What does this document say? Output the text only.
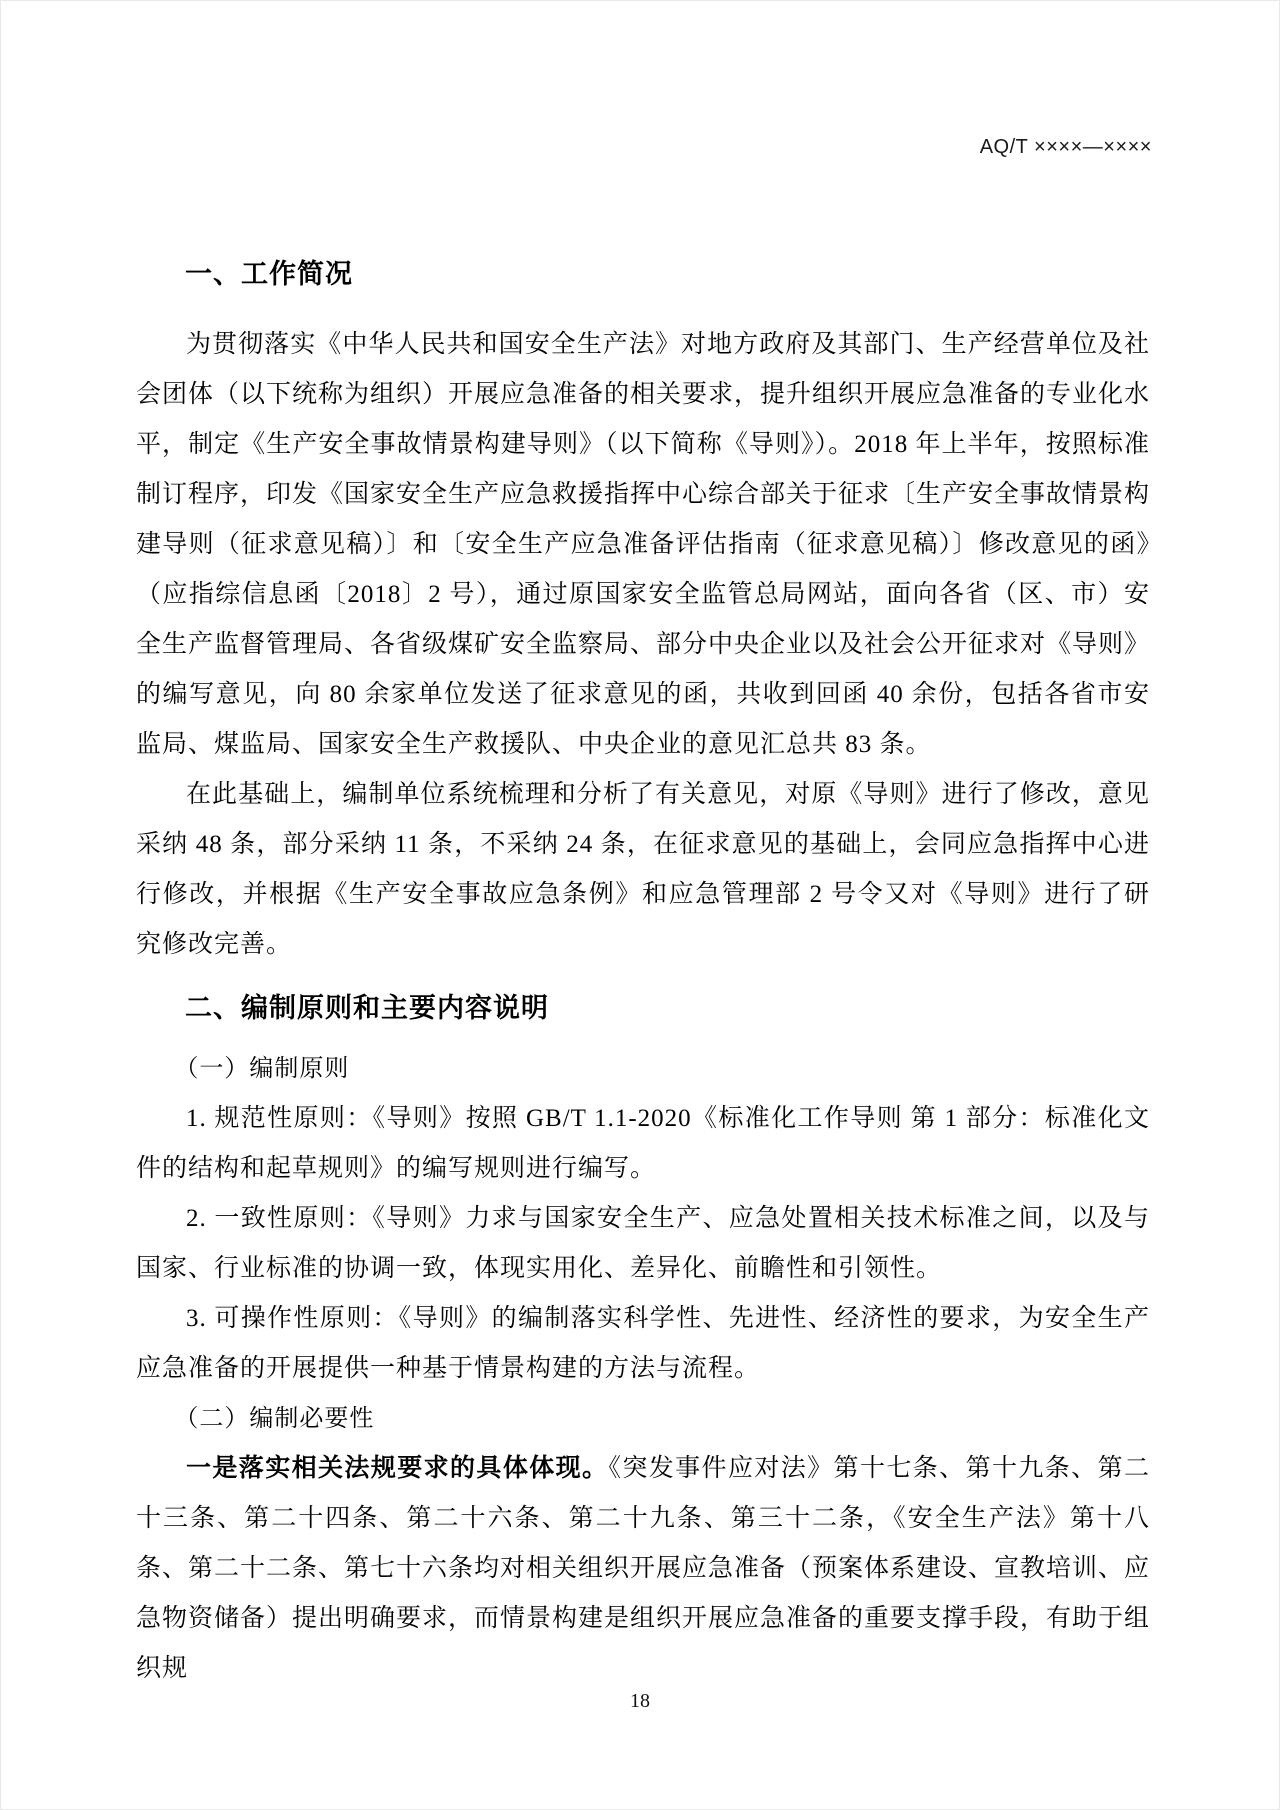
AQ/T ××××—××××
一、工作简况

为贯彻落实《中华人民共和国安全生产法》对地方政府及其部门、生产经营单位及社会团体（以下统称为组织）开展应急准备的相关要求，提升组织开展应急准备的专业化水平，制定《生产安全事故情景构建导则》（以下简称《导则》）。2018 年上半年，按照标准制订程序，印发《国家安全生产应急救援指挥中心综合部关于征求〔生产安全事故情景构建导则（征求意见稿）〕和〔安全生产应急准备评估指南（征求意见稿）〕修改意见的函》（应指综信息函〔2018〕2 号），通过原国家安全监管总局网站，面向各省（区、市）安全生产监督管理局、各省级煤矿安全监察局、部分中央企业以及社会公开征求对《导则》的编写意见，向 80 余家单位发送了征求意见的函，共收到回函 40 余份，包括各省市安监局、煤监局、国家安全生产救援队、中央企业的意见汇总共 83 条。

在此基础上，编制单位系统梳理和分析了有关意见，对原《导则》进行了修改，意见采纳 48 条，部分采纳 11 条，不采纳 24 条，在征求意见的基础上，会同应急指挥中心进行修改，并根据《生产安全事故应急条例》和应急管理部 2 号令又对《导则》进行了研究修改完善。

二、编制原则和主要内容说明

（一）编制原则

1. 规范性原则：《导则》按照 GB/T 1.1-2020《标准化工作导则 第 1 部分：标准化文件的结构和起草规则》的编写规则进行编写。

2. 一致性原则：《导则》力求与国家安全生产、应急处置相关技术标准之间，以及与国家、行业标准的协调一致，体现实用化、差异化、前瞻性和引领性。

3. 可操作性原则：《导则》的编制落实科学性、先进性、经济性的要求，为安全生产应急准备的开展提供一种基于情景构建的方法与流程。

（二）编制必要性

一是落实相关法规要求的具体体现。《突发事件应对法》第十七条、第十九条、第二十三条、第二十四条、第二十六条、第二十九条、第三十二条，《安全生产法》第十八条、第二十二条、第七十六条均对相关组织开展应急准备（预案体系建设、宣教培训、应急物资储备）提出明确要求，而情景构建是组织开展应急准备的重要支撑手段，有助于组织规

18
